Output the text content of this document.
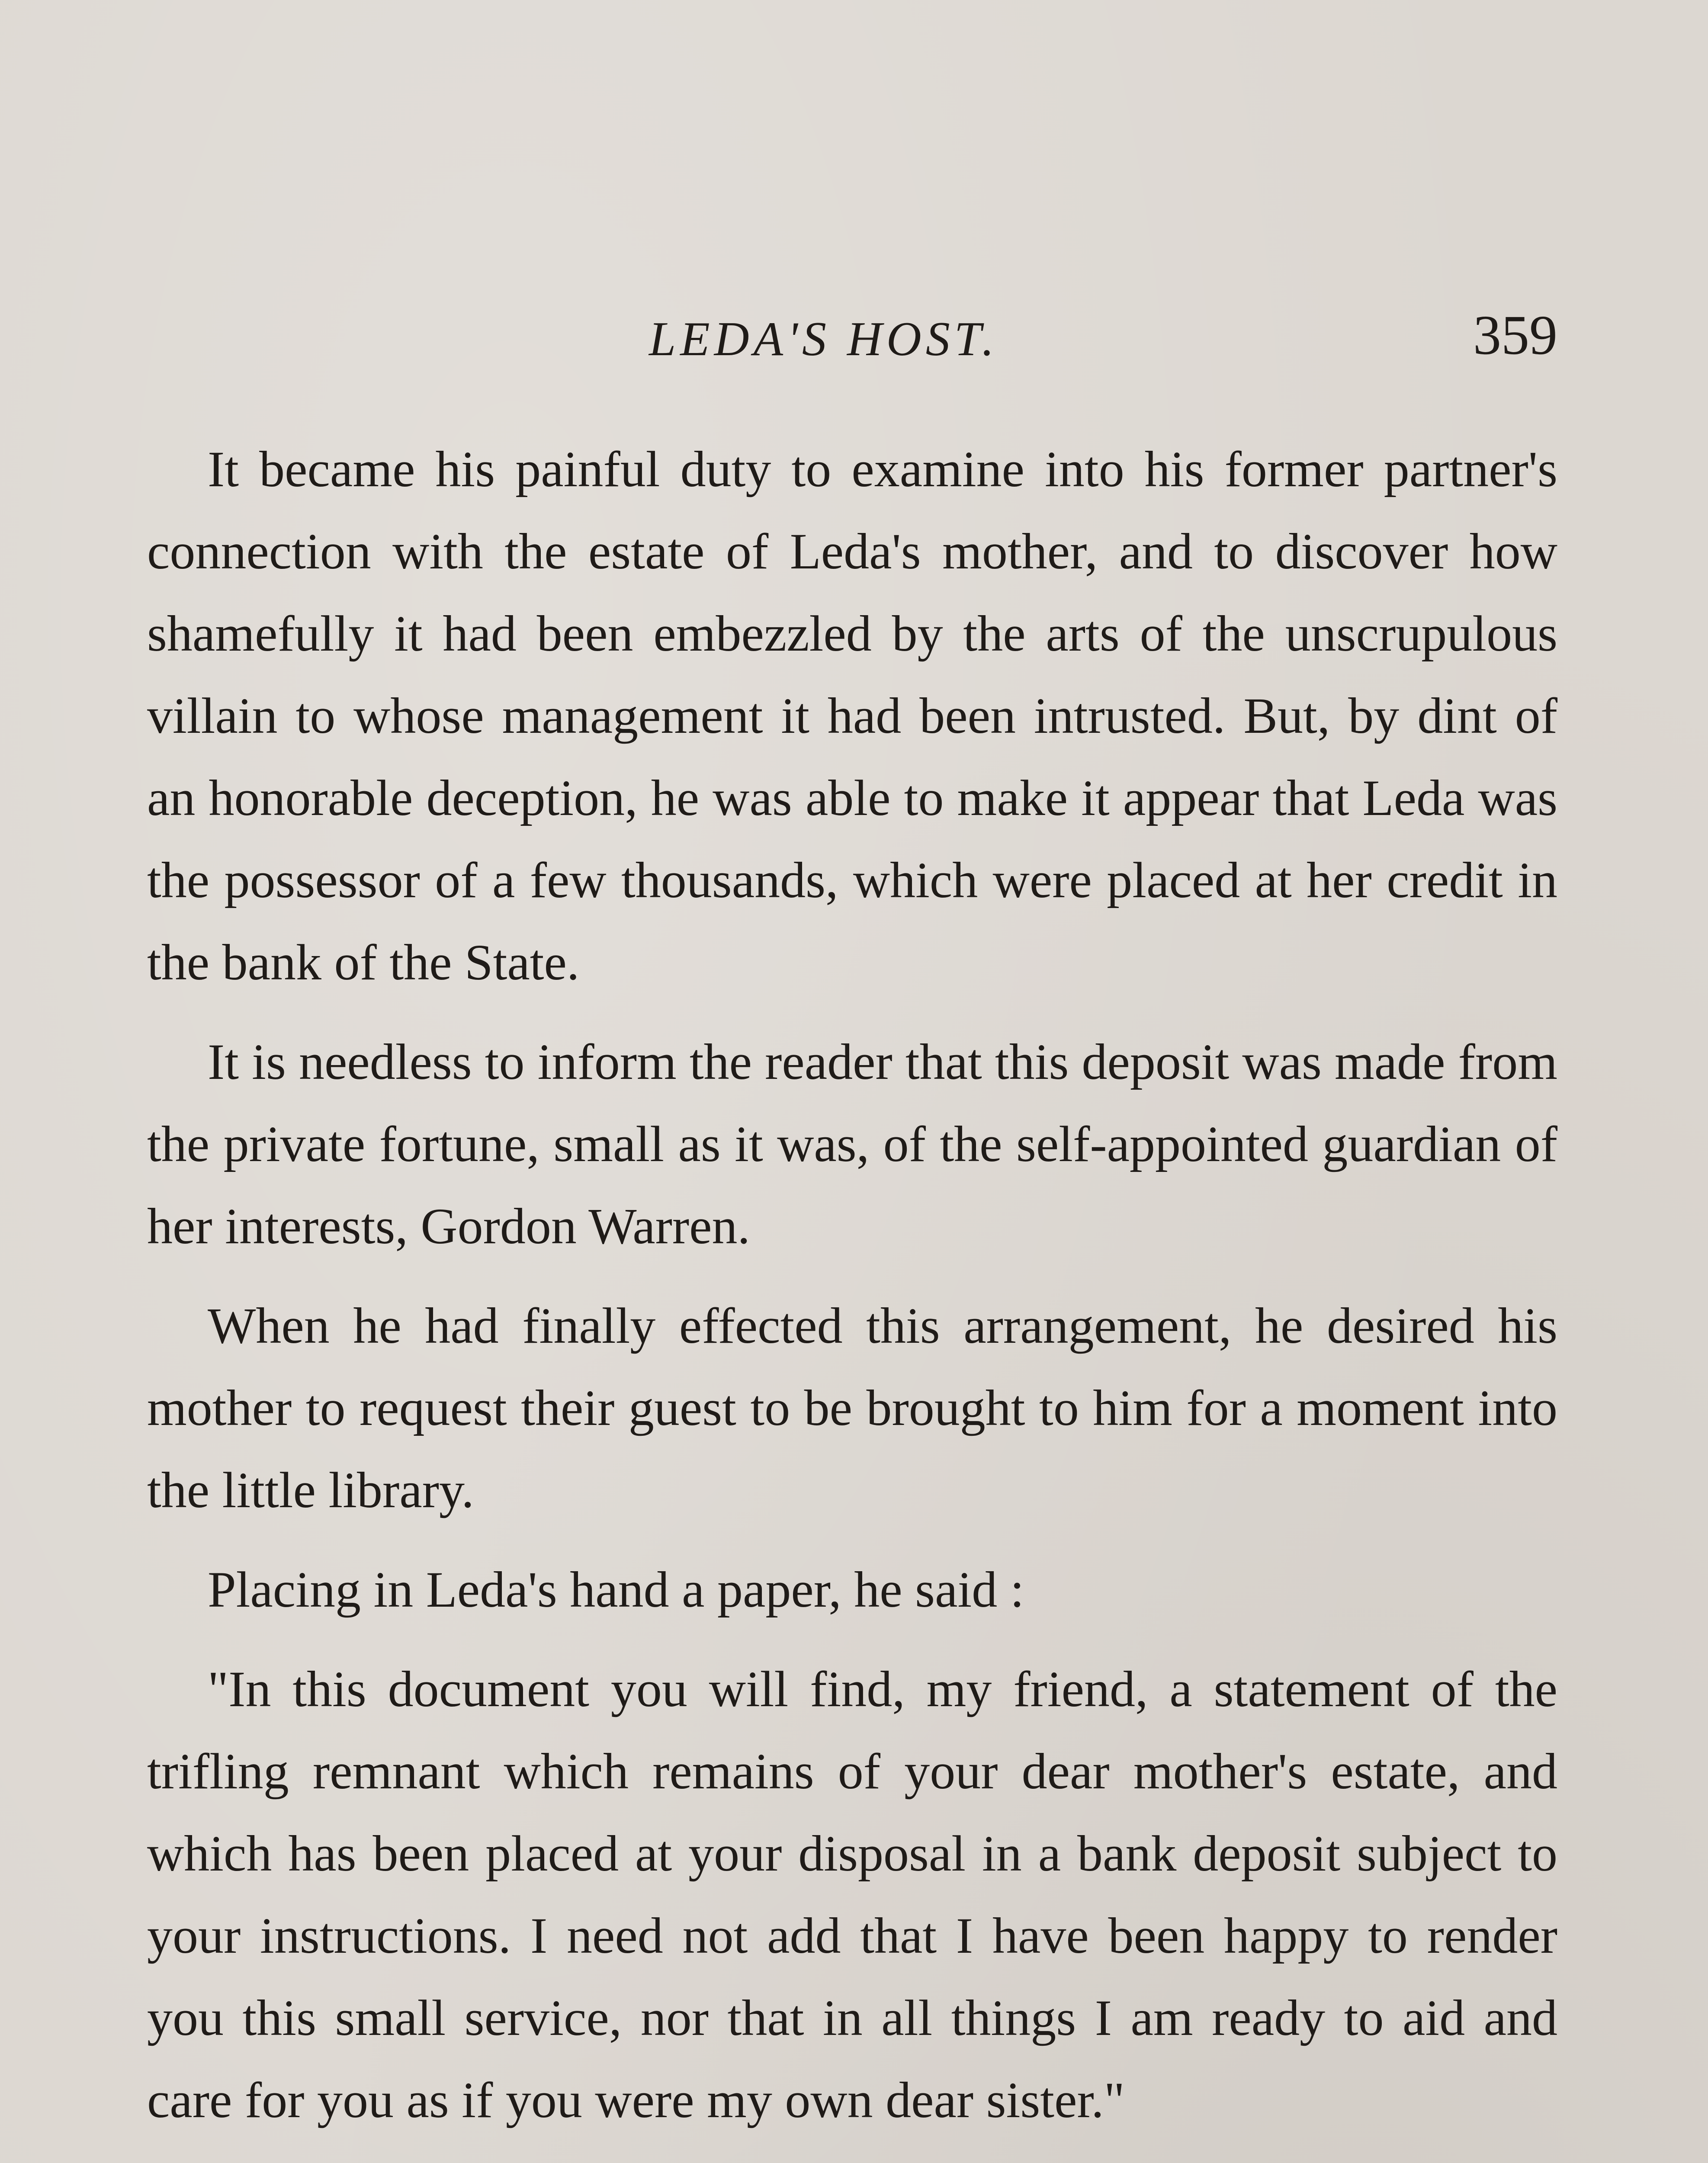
LEDA'S HOST.	359

It became his painful duty to examine into his former partner's connection with the estate of Leda's mother, and to discover how shamefully it had been embezzled by the arts of the unscrupulous villain to whose management it had been intrusted. But, by dint of an honorable deception, he was able to make it appear that Leda was the possessor of a few thousands, which were placed at her credit in the bank of the State.

It is needless to inform the reader that this deposit was made from the private fortune, small as it was, of the self-appointed guardian of her interests, Gordon Warren.

When he had finally effected this arrangement, he desired his mother to request their guest to be brought to him for a moment into the little library.

Placing in Leda's hand a paper, he said :

"In this document you will find, my friend, a statement of the trifling remnant which remains of your dear mother's estate, and which has been placed at your disposal in a bank deposit subject to your instructions. I need not add that I have been happy to render you this small service, nor that in all things I am ready to aid and care for you as if you were my own dear sister."
